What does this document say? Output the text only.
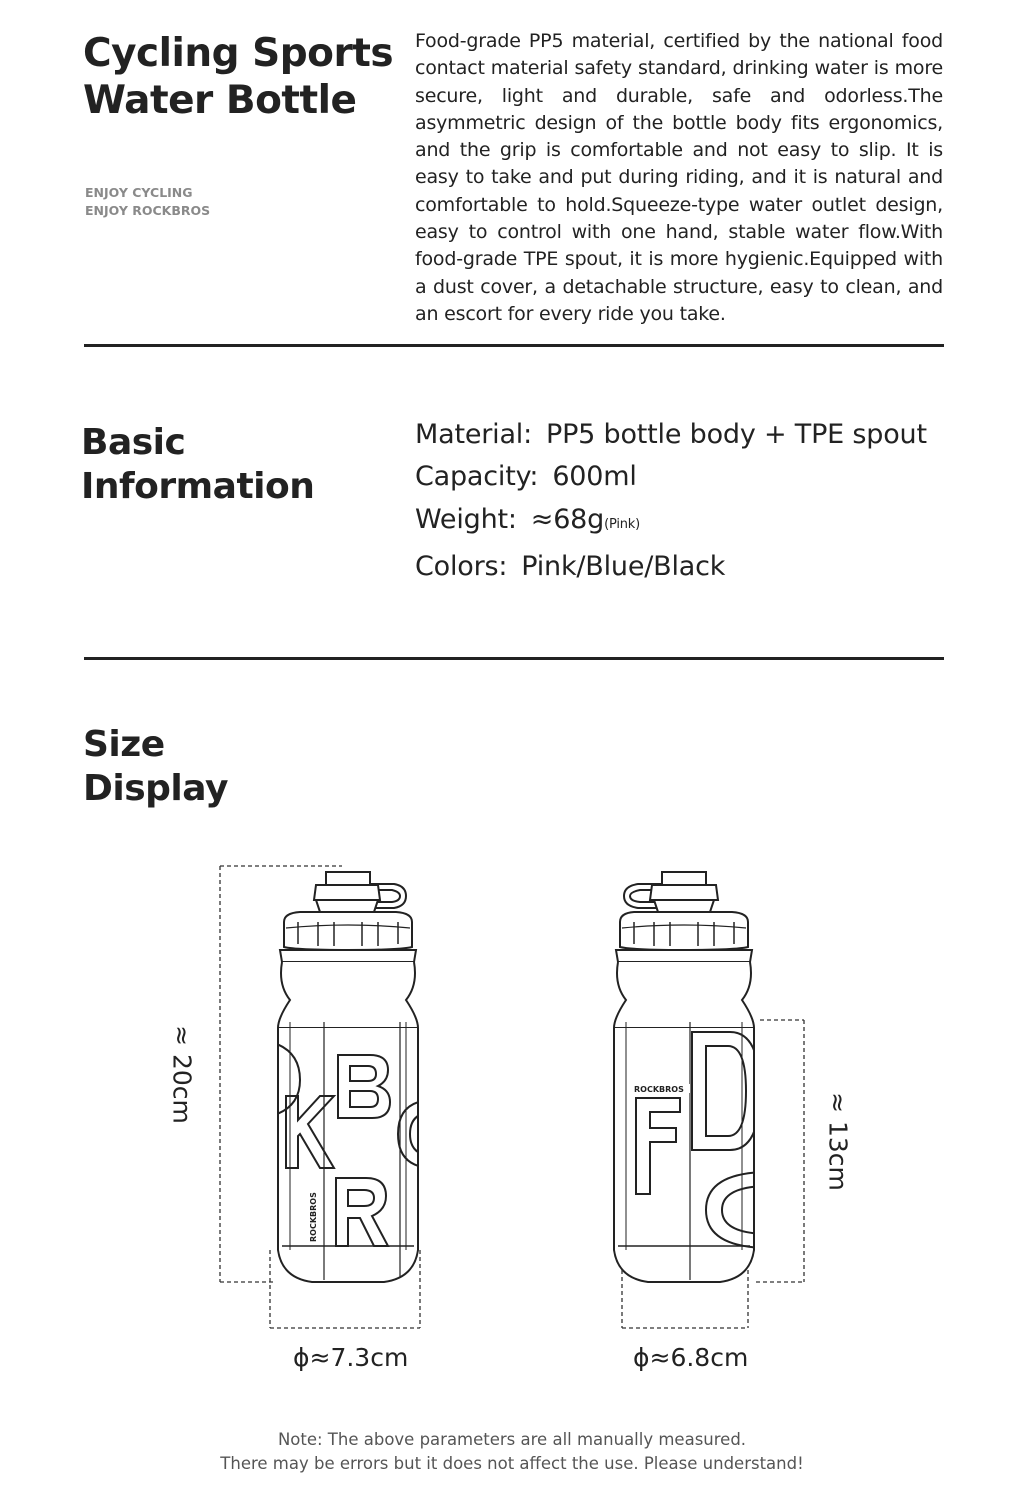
Cycling Sports
Water Bottle
ENJOY CYCLING
ENJOY ROCKBROS

Food-grade PP5 material, certified by the national food contact material safety standard, drinking water is more secure, light and durable, safe and odorless.The asymmetric design of the bottle body fits ergonomics, and the grip is comfortable and not easy to slip. It is easy to take and put during riding, and it is natural and comfortable to hold.Squeeze-type water outlet design, easy to control with one hand, stable water flow.With food-grade TPE spout, it is more hygienic.Equipped with a dust cover, a detachable structure, easy to clean, and an escort for every ride you take.

Basic
Information
Material: PP5 bottle body + TPE spout
Capacity: 600ml
Weight: ≈68g(Pink)
Colors: Pink/Blue/Black
Size
Display
ROCKBROS
ROCKBROS
≈ 20cm
≈ 13cm
ϕ≈7.3cm	ϕ≈6.8cm
Note: The above parameters are all manually measured.
There may be errors but it does not affect the use. Please understand!
